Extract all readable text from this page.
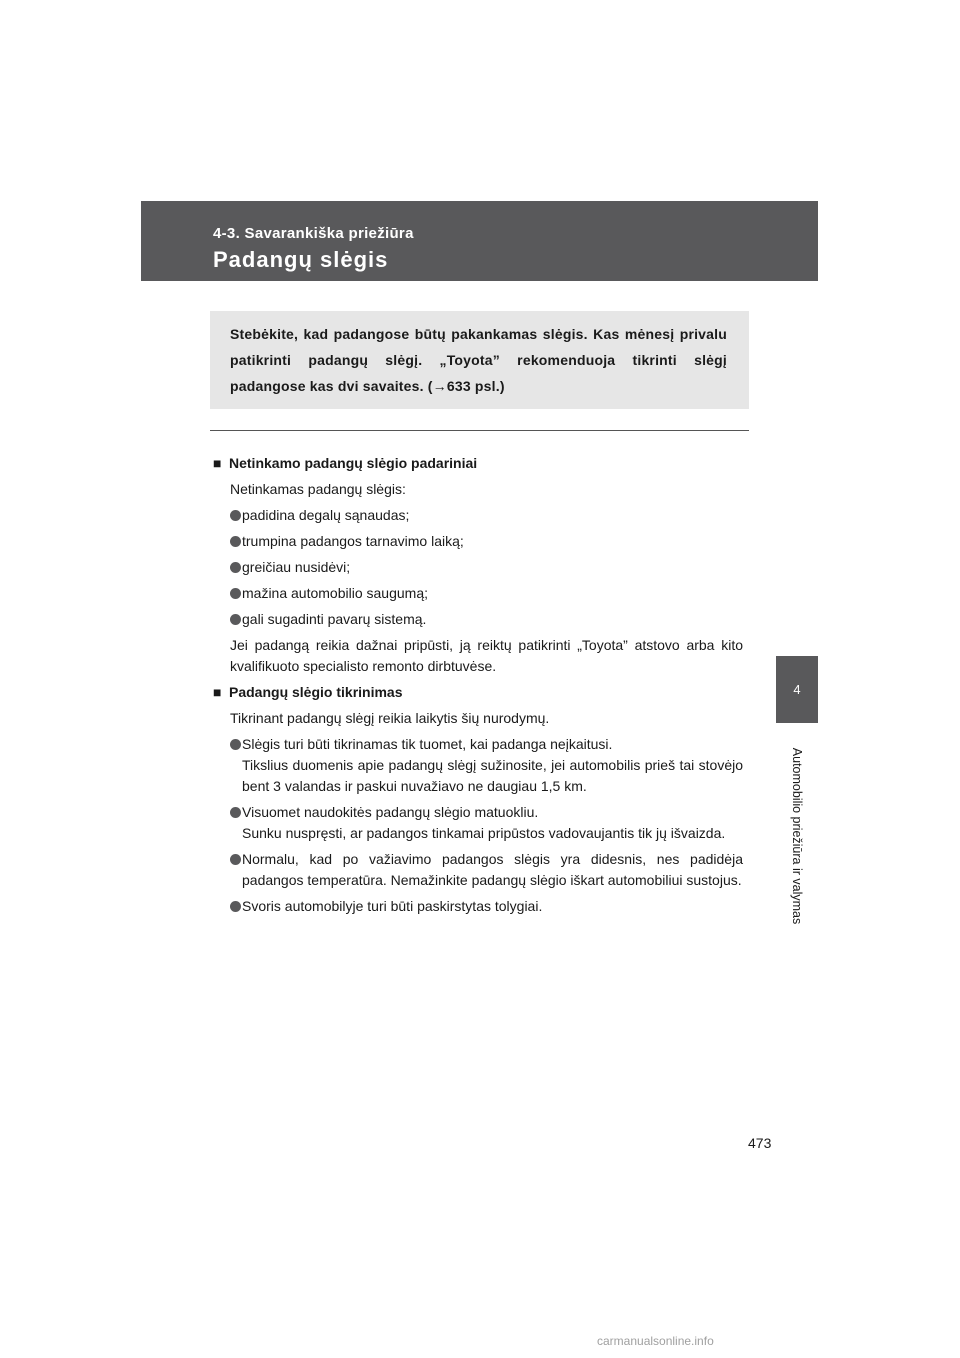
4-3. Savarankiška priežiūra
Padangų slėgis

Stebėkite, kad padangose būtų pakankamas slėgis. Kas mėnesį privalu patikrinti padangų slėgį. „Toyota” rekomenduoja tikrinti slėgį padangose kas dvi savaites. (→633 psl.)

■ Netinkamo padangų slėgio padariniai
Netinkamas padangų slėgis:
padidina degalų sąnaudas;
trumpina padangos tarnavimo laiką;
greičiau nusidėvi;
mažina automobilio saugumą;
gali sugadinti pavarų sistemą.
Jei padangą reikia dažnai pripūsti, ją reiktų patikrinti „Toyota” atstovo arba kito kvalifikuoto specialisto remonto dirbtuvėse.
■ Padangų slėgio tikrinimas
Tikrinant padangų slėgį reikia laikytis šių nurodymų.
Slėgis turi būti tikrinamas tik tuomet, kai padanga neįkaitusi.
Tikslius duomenis apie padangų slėgį sužinosite, jei automobilis prieš tai stovėjo bent 3 valandas ir paskui nuvažiavo ne daugiau 1,5 km.
Visuomet naudokitės padangų slėgio matuokliu.
Sunku nuspręsti, ar padangos tinkamai pripūstos vadovaujantis tik jų išvaizda.
Normalu, kad po važiavimo padangos slėgis yra didesnis, nes padidėja padangos temperatūra. Nemažinkite padangų slėgio iškart automobiliui sustojus.
Svoris automobilyje turi būti paskirstytas tolygiai.
4
Automobilio priežiūra ir valymas
473
carmanualsonline.info
